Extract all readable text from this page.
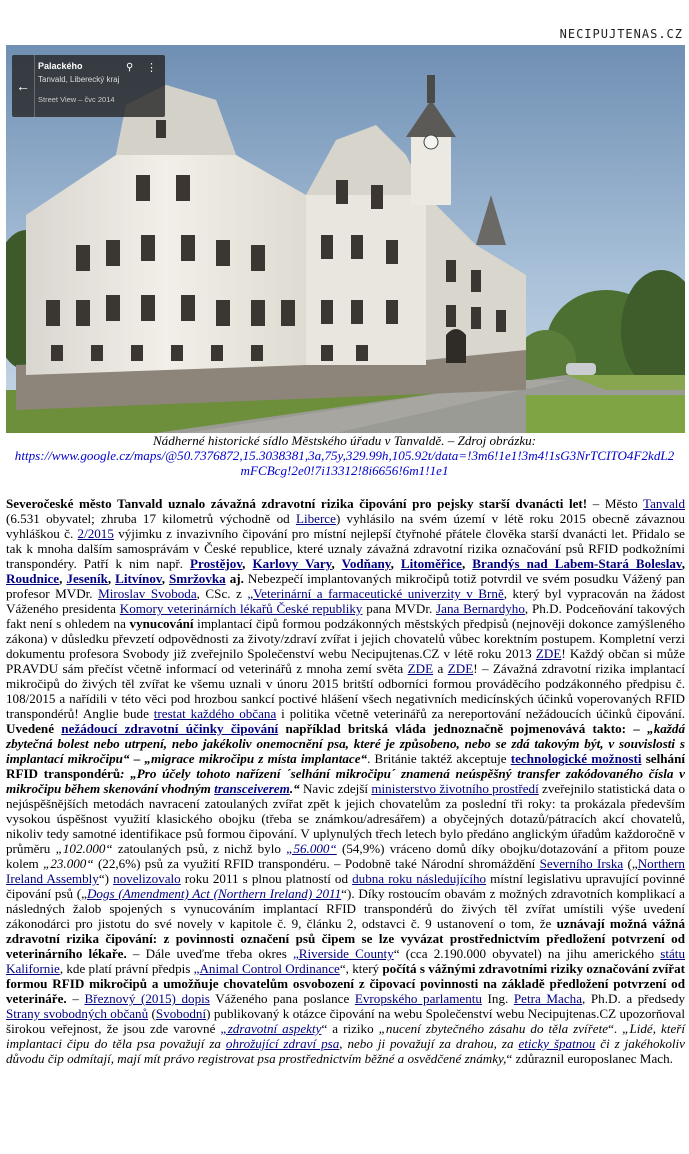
NECIPUJTENAS.CZ
←
Palackého
Tanvald, Liberecký kraj
Street View – čvc 2014
⚲ ⋮
Nádherné historické sídlo Městského úřadu v Tanvaldě. – Zdroj obrázku:
https://www.google.cz/maps/@50.7376872,15.3038381,3a,75y,329.99h,105.92t/data=!3m6!1e1!3m4!1sG3NrTCITO4F2kdL2mFCBcg!2e0!7i13312!8i6656!6m1!1e1
Severočeské město Tanvald uznalo závažná zdravotní rizika čipování pro pejsky starší dvanácti let! – Město Tanvald (6.531 obyvatel; zhruba 17 kilometrů východně od Liberce) vyhlásilo na svém území v létě roku 2015 obecně závaznou vyhláškou č. 2/2015 výjimku z invazivního čipování pro místní nejlepší čtyřnohé přátele člověka starší dvanácti let. Přidalo se tak k mnoha dalším samosprávám v České republice, které uznaly závažná zdravotní rizika označování psů RFID podkožními transpondéry. Patří k nim např. Prostějov, Karlovy Vary, Vodňany, Litoměřice, Brandýs nad Labem-Stará Boleslav, Roudnice, Jeseník, Litvínov, Smržovka aj. Nebezpečí implantovaných mikročipů totiž potvrdil ve svém posudku Vážený pan profesor MVDr. Miroslav Svoboda, CSc. z „Veterinární a farmaceutické univerzity v Brně, který byl vypracován na žádost Váženého presidenta Komory veterinárních lékařů České republiky pana MVDr. Jana Bernardyho, Ph.D. Podceňování takových fakt není s ohledem na vynucování implantací čipů formou podzákonných městských předpisů (nejnověji dokonce zamýšleného zákona) v důsledku převzetí odpovědnosti za životy/zdraví zvířat i jejich chovatelů vůbec korektním postupem. Kompletní verzi dokumentu profesora Svobody již zveřejnilo Společenství webu Necipujtenas.CZ v létě roku 2013 ZDE! Každý občan si může PRAVDU sám přečíst včetně informací od veterinářů z mnoha zemí světa ZDE a ZDE! – Závažná zdravotní rizika implantací mikročipů do živých těl zvířat ke všemu uznali v únoru 2015 britští odborníci formou prováděcího podzákonného předpisu č. 108/2015 a nařídili v této věci pod hrozbou sankcí poctivé hlášení všech negativních medicínských účinků voperovaných RFID transpondérů! Anglie bude trestat každého občana i politika včetně veterinářů za nereportování nežádoucích účinků čipování. Uvedené nežádoucí zdravotní účinky čipování například britská vláda jednoznačně pojmenovává takto: – „každá zbytečná bolest nebo utrpení, nebo jakékoliv onemocnění psa, které je způsobeno, nebo se zdá takovým být, v souvislosti s implantací mikročipu“ – „migrace mikročipu z místa implantace“. Británie taktéž akceptuje technologické možnosti selhání RFID transpondérů: „Pro účely tohoto nařízení ´selhání mikročipu´ znamená neúspěšný transfer zakódovaného čísla v mikročipu během skenování vhodným transceiverem.“ Navic zdejší ministerstvo životního prostředí zveřejnilo statistická data o nejúspěšnějších metodách navracení zatoulaných zvířat zpět k jejich chovatelům za poslední tři roky: ta prokázala především vysokou úspěšnost využití klasického obojku (třeba se známkou/adresářem) a obyčejných dotazů/pátracích akcí chovatelů, nikoliv tedy samotné identifikace psů formou čipování. V uplynulých třech letech bylo předáno anglickým úřadům každoročně v průměru „102.000“ zatoulaných psů, z nichž bylo „56.000“ (54,9%) vráceno domů díky obojku/dotazování a přitom pouze kolem „23.000“ (22,6%) psů za využití RFID transpondéru. – Podobně také Národní shromáždění Severního Irska („Northern Ireland Assembly“) novelizovalo roku 2011 s plnou platností od dubna roku následujícího místní legislativu upravující povinné čipování psů („Dogs (Amendment) Act (Northern Ireland) 2011“). Díky rostoucím obavám z možných zdravotních komplikací a následných žalob spojených s vynucováním implantací RFID transpondérů do živých těl zvířat umístili výše uvedení zákonodárci pro jistotu do své novely v kapitole č. 9, článku 2, odstavci č. 9 ustanovení o tom, že uznávají možná vážná zdravotní rizika čipování: z povinnosti označení psů čipem se lze vyvázat prostřednictvím předložení potvrzení od veterinárního lékaře. – Dále uveďme třeba okres „Riverside County“ (cca 2.190.000 obyvatel) na jihu amerického státu Kalifornie, kde platí právní předpis „Animal Control Ordinance“, který počítá s vážnými zdravotními riziky označování zvířat formou RFID mikročipů a umožňuje chovatelům osvobození z čipovací povinnosti na základě předložení potvrzení od veterináře. – Březnový (2015) dopis Váženého pana poslance Evropského parlamentu Ing. Petra Macha, Ph.D. a předsedy Strany svobodných občanů (Svobodní) publikovaný k otázce čipování na webu Společenství webu Necipujtenas.CZ upozorňoval širokou veřejnost, že jsou zde varovné „zdravotní aspekty“ a riziko „nucení zbytečného zásahu do těla zvířete“. „Lidé, kteří implantaci čipu do těla psa považují za ohrožující zdraví psa, nebo ji považují za drahou, za eticky špatnou či z jakéhokoliv důvodu čip odmítají, mají mít právo registrovat psa prostřednictvím běžné a osvědčené známky,“ zdůraznil europoslanec Mach.
